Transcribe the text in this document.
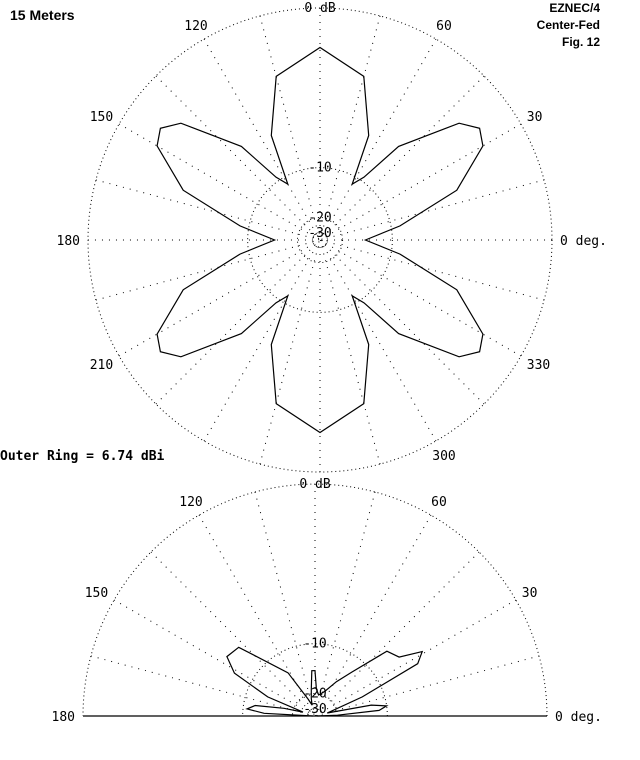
0 deg.
30
60
120
150
180
210
300
330
0 dB
-10
-20
-30
0 deg.
30
60
120
150
180
0 dB
-10
-20
-30
15 Meters	EZNEC/4
Center-Fed
Fig. 12
Outer Ring = 6.74 dBi
